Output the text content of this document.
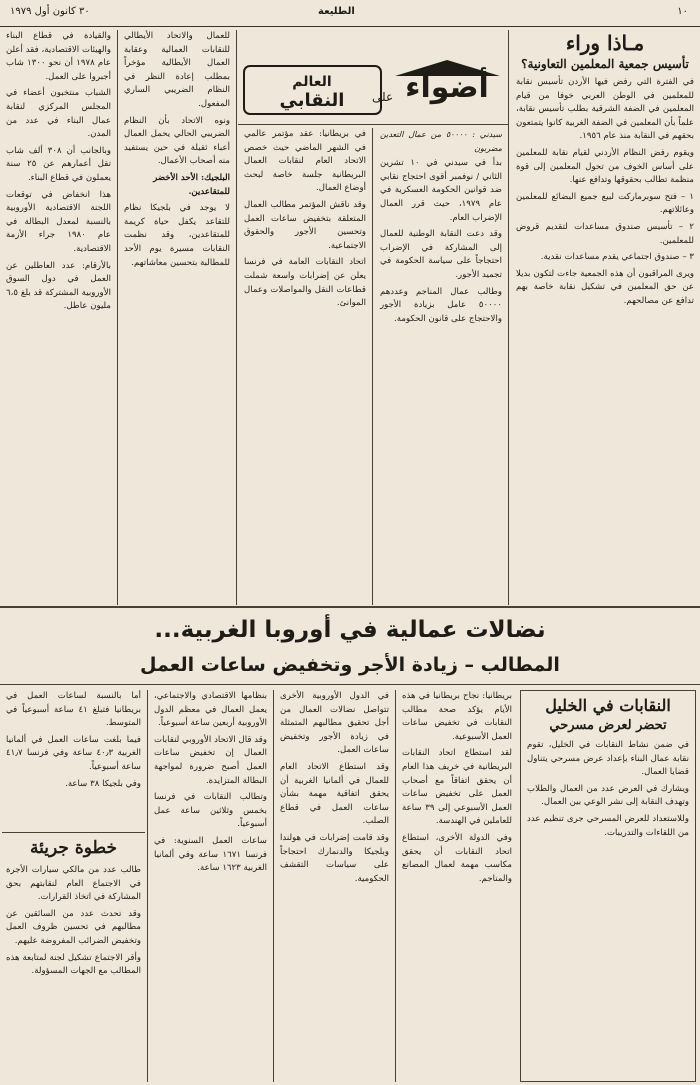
١٠
الطليعة
٣٠ كانون أول ١٩٧٩
مـاذا وراء
تأسيس جمعية المعلمين التعاونية؟

في الفترة التي رفض فيها الأردن تأسيس نقابة للمعلمين في الوطن العربي خوفا من قيام المعلمين في الضفة الشرقية بطلب تأسيس نقابة، علماً بأن المعلمين في الضفة الغربية كانوا يتمتعون بحقهم في النقابة منذ عام ١٩٥٦.

ويقوم رفض النظام الأردني لقيام نقابة للمعلمين على أساس الخوف من تحول المعلمين إلى قوة منظمة تطالب بحقوقها وتدافع عنها.

١ – فتح سوبرماركت لبيع جميع البضائع للمعلمين وعائلاتهم.

٢ – تأسيس صندوق مساعدات لتقديم قروض للمعلمين.

٣ – صندوق اجتماعي يقدم مساعدات نقدية.

ويرى المراقبون أن هذه الجمعية جاءت لتكون بديلا عن حق المعلمين في تشكيل نقابة خاصة بهم تدافع عن مصالحهم.

أضواء
على
العالم
النقابي
سيدني : ٥٠٠٠٠ من عمال التعدين مضربون

بدأ في سيدني في ١٠ تشرين الثاني / نوفمبر أقوى احتجاج نقابي ضد قوانين الحكومة العسكرية في عام ١٩٧٩، حيث قرر العمال الإضراب العام.

وقد دعت النقابة الوطنية للعمال إلى المشاركة في الإضراب احتجاجاً على سياسة الحكومة في تجميد الأجور.

وطالب عمال المناجم وعددهم ٥٠٠٠٠ عامل بزيادة الأجور والاحتجاج على قانون الحكومة.

في بريطانيا: عقد مؤتمر عالمي في الشهر الماضي حيث خصص الاتحاد العام لنقابات العمال البريطانية جلسة خاصة لبحث أوضاع العمال.

وقد ناقش المؤتمر مطالب العمال المتعلقة بتخفيض ساعات العمل وتحسين الأجور والحقوق الاجتماعية.

اتحاد النقابات العامة في فرنسا يعلن عن إضرابات واسعة شملت قطاعات النقل والمواصلات وعمال الموانئ.

للعمال والاتحاد الأيطالي للنقابات العمالية وعقابة العمال الأيطالية مؤخراً بمطلب إعادة النظر في النظام الضريبي الساري المفعول.

ونوه الاتحاد بأن النظام الضريبي الحالي يحمل العمال أعباء ثقيلة في حين يستفيد منه أصحاب الأعمال.

البلجيك: الأحد الأخضر للمتقاعدين.

لا يوجد في بلجيكا نظام للتقاعد يكفل حياة كريمة للمتقاعدين، وقد نظمت النقابات مسيرة يوم الأحد للمطالبة بتحسين معاشاتهم.

والقيادة في قطاع البناء والهيئات الاقتصادية، فقد أعلن عام ١٩٧٨ أن نحو ١٣٠٠ شاب أجبروا على العمل.

الشباب منتخبون أعضاء في المجلس المركزي لنقابة عمال البناء في عدد من المدن.

وبالجانب أن ٣٠٨ ألف شاب تقل أعمارهم عن ٢٥ سنة يعملون في قطاع البناء.

هذا انخفاض في توقعات اللجنة الاقتصادية الأوروبية بالنسبة لمعدل البطالة في عام ١٩٨٠ جراء الأزمة الاقتصادية.

بالأرقام: عدد العاطلين عن العمل في دول السوق الأوروبية المشتركة قد بلغ ٦،٥ مليون عاطل.

نضالات عمالية في أوروبا الغربية...
المطالب – زيادة الأجر وتخفيض ساعات العمل
النقابات في الخليل
تحضر لعرض مسرحي

في ضمن نشاط النقابات في الخليل، تقوم نقابة عمال البناء بإعداد عرض مسرحي يتناول قضايا العمال.

ويشارك في العرض عدد من العمال والطلاب وتهدف النقابة إلى نشر الوعي بين العمال.

وللاستعداد للعرض المسرحي جرى تنظيم عدد من اللقاءات والتدريبات.

بريطانيا: نجاح بريطانيا في هذه الأيام يؤكد صحة مطالب النقابات في تخفيض ساعات العمل الأسبوعية.

لقد استطاع اتحاد النقابات البريطانية في خريف هذا العام أن يحقق اتفاقاً مع أصحاب العمل على تخفيض ساعات العمل الأسبوعي إلى ٣٩ ساعة للعاملين في الهندسة.

وفي الدولة الأخرى، استطاع اتحاد النقابات أن يحقق مكاسب مهمة لعمال المصانع والمناجم.

في الدول الأوروبية الأخرى تتواصل نضالات العمال من أجل تحقيق مطالبهم المتمثلة في زيادة الأجور وتخفيض ساعات العمل.

وقد استطاع الاتحاد العام للعمال في ألمانيا الغربية أن يحقق اتفاقية مهمة بشأن ساعات العمل في قطاع الصلب.

وقد قامت إضرابات في هولندا وبلجيكا والدنمارك احتجاجاً على سياسات التقشف الحكومية.

بنظامها الاقتصادي والاجتماعي، يعمل العمال في معظم الدول الأوروبية أربعين ساعة أسبوعياً.

وقد قال الاتحاد الأوروبي لنقابات العمال إن تخفيض ساعات العمل أصبح ضرورة لمواجهة البطالة المتزايدة.

وتطالب النقابات في فرنسا بخمس وثلاثين ساعة عمل أسبوعياً.

ساعات العمل السنوية: في فرنسا ١٦٧١ ساعة وفي ألمانيا الغربية ١٦٢٣ ساعة.

أما بالنسبة لساعات العمل في بريطانيا فتبلغ ٤١ ساعة أسبوعياً في المتوسط.

فيما بلغت ساعات العمل في ألمانيا الغربية ٤٠٫٣ ساعة وفي فرنسا ٤١٫٧ ساعة أسبوعياً.

وفي بلجيكا ٣٨ ساعة.

خطوة جريئة

طالب عدد من مالكي سيارات الأجرة في الاجتماع العام لنقابتهم بحق المشاركة في اتخاذ القرارات.

وقد تحدث عدد من السائقين عن مطالبهم في تحسين ظروف العمل وتخفيض الضرائب المفروضة عليهم.

وأقر الاجتماع تشكيل لجنة لمتابعة هذه المطالب مع الجهات المسؤولة.
